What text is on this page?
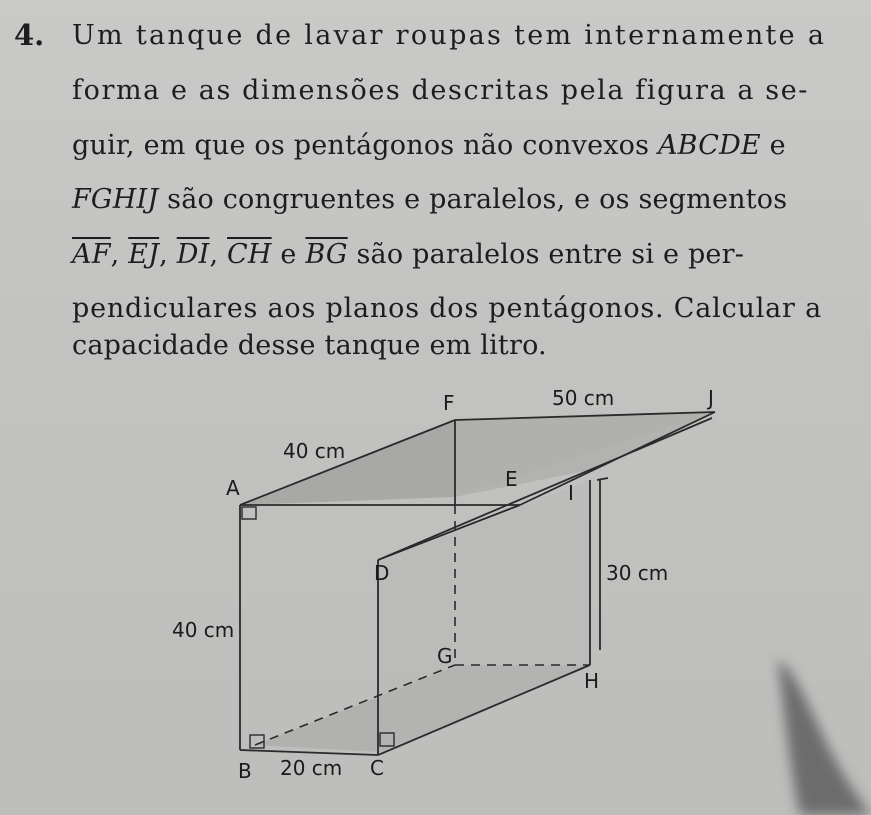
4. Um tanque de lavar roupas tem internamente a
forma e as dimensões descritas pela figura a se-
guir, em que os pentágonos não convexos ABCDE e
FGHIJ são congruentes e paralelos, e os segmentos
$\overline{AF}$, $\overline{EJ}$, $\overline{DI}$, $\overline{CH}$ e $\overline{BG}$ são paralelos entre si e per-
pendiculares aos planos dos pentágonos. Calcular a
capacidade desse tanque em litro.
A
B	C
D
E
F
G
H
I
J
50 cm
40 cm
40 cm
20 cm
30 cm
